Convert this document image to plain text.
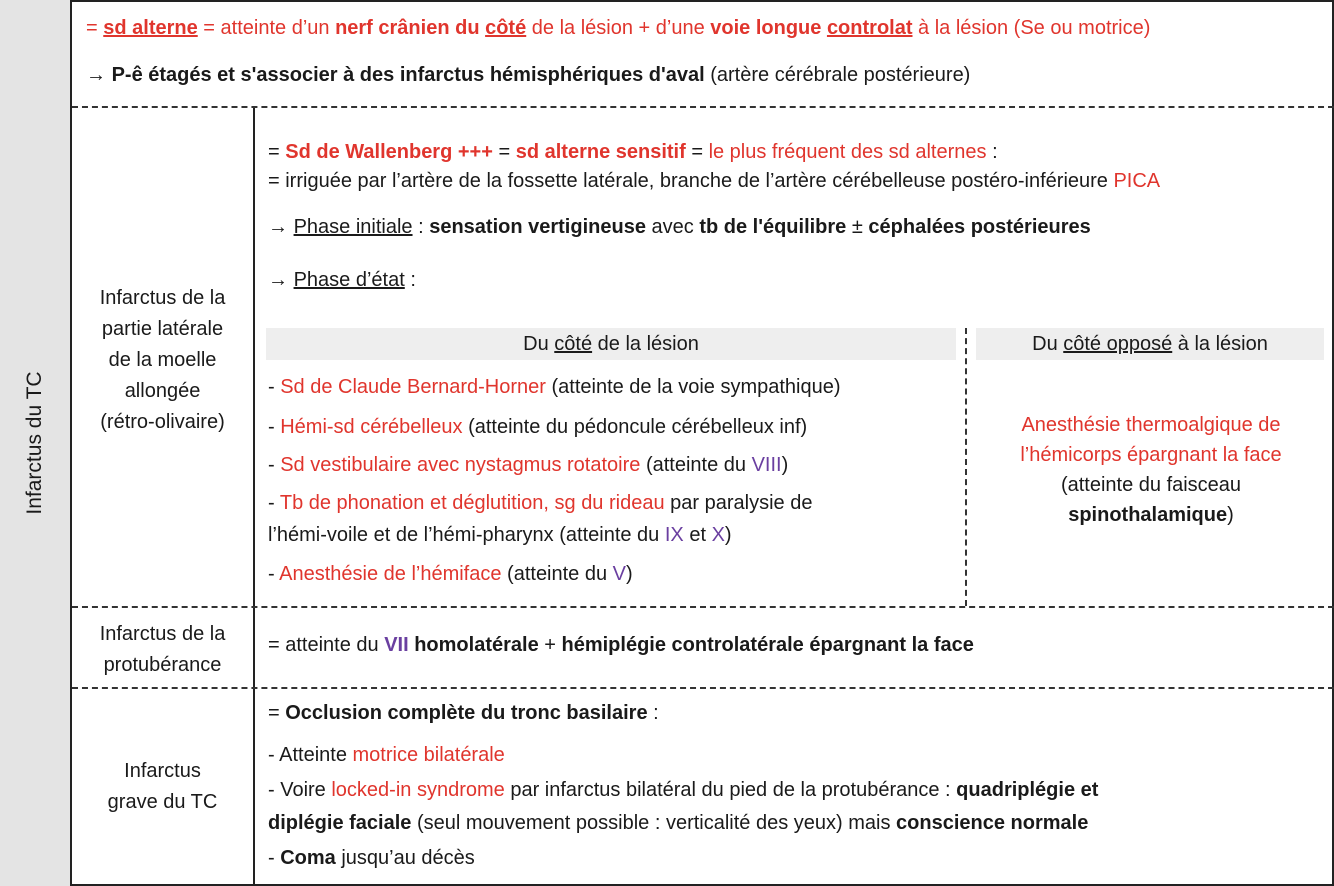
Infarctus du TC
= sd alterne = atteinte d’un nerf crânien du côté de la lésion + d’une voie longue controlat à la lésion (Se ou motrice)
→ P-ê étagés et s'associer à des infarctus hémisphériques d'aval (artère cérébrale postérieure)
Infarctus de la
partie latérale
de la moelle
allongée
(rétro-olivaire)
= Sd de Wallenberg +++ = sd alterne sensitif = le plus fréquent des sd alternes :
= irriguée par l’artère de la fossette latérale, branche de l’artère cérébelleuse postéro-inférieure PICA
→ Phase initiale : sensation vertigineuse avec tb de l'équilibre ± céphalées postérieures
→ Phase d’état :
Du côté de la lésion	Du côté opposé à la lésion
- Sd de Claude Bernard-Horner (atteinte de la voie sympathique)
- Hémi-sd cérébelleux (atteinte du pédoncule cérébelleux inf)
- Sd vestibulaire avec nystagmus rotatoire (atteinte du VIII)
- Tb de phonation et déglutition, sg du rideau par paralysie de
l’hémi-voile et de l’hémi-pharynx (atteinte du IX et X)
- Anesthésie de l’hémiface (atteinte du V)
Anesthésie thermoalgique de
l’hémicorps épargnant la face
(atteinte du faisceau
spinothalamique)
Infarctus de la
protubérance
= atteinte du VII homolatérale + hémiplégie controlatérale épargnant la face
Infarctus
grave du TC
= Occlusion complète du tronc basilaire :
- Atteinte motrice bilatérale
- Voire locked-in syndrome par infarctus bilatéral du pied de la protubérance : quadriplégie et
diplégie faciale (seul mouvement possible : verticalité des yeux) mais conscience normale
- Coma jusqu’au décès
